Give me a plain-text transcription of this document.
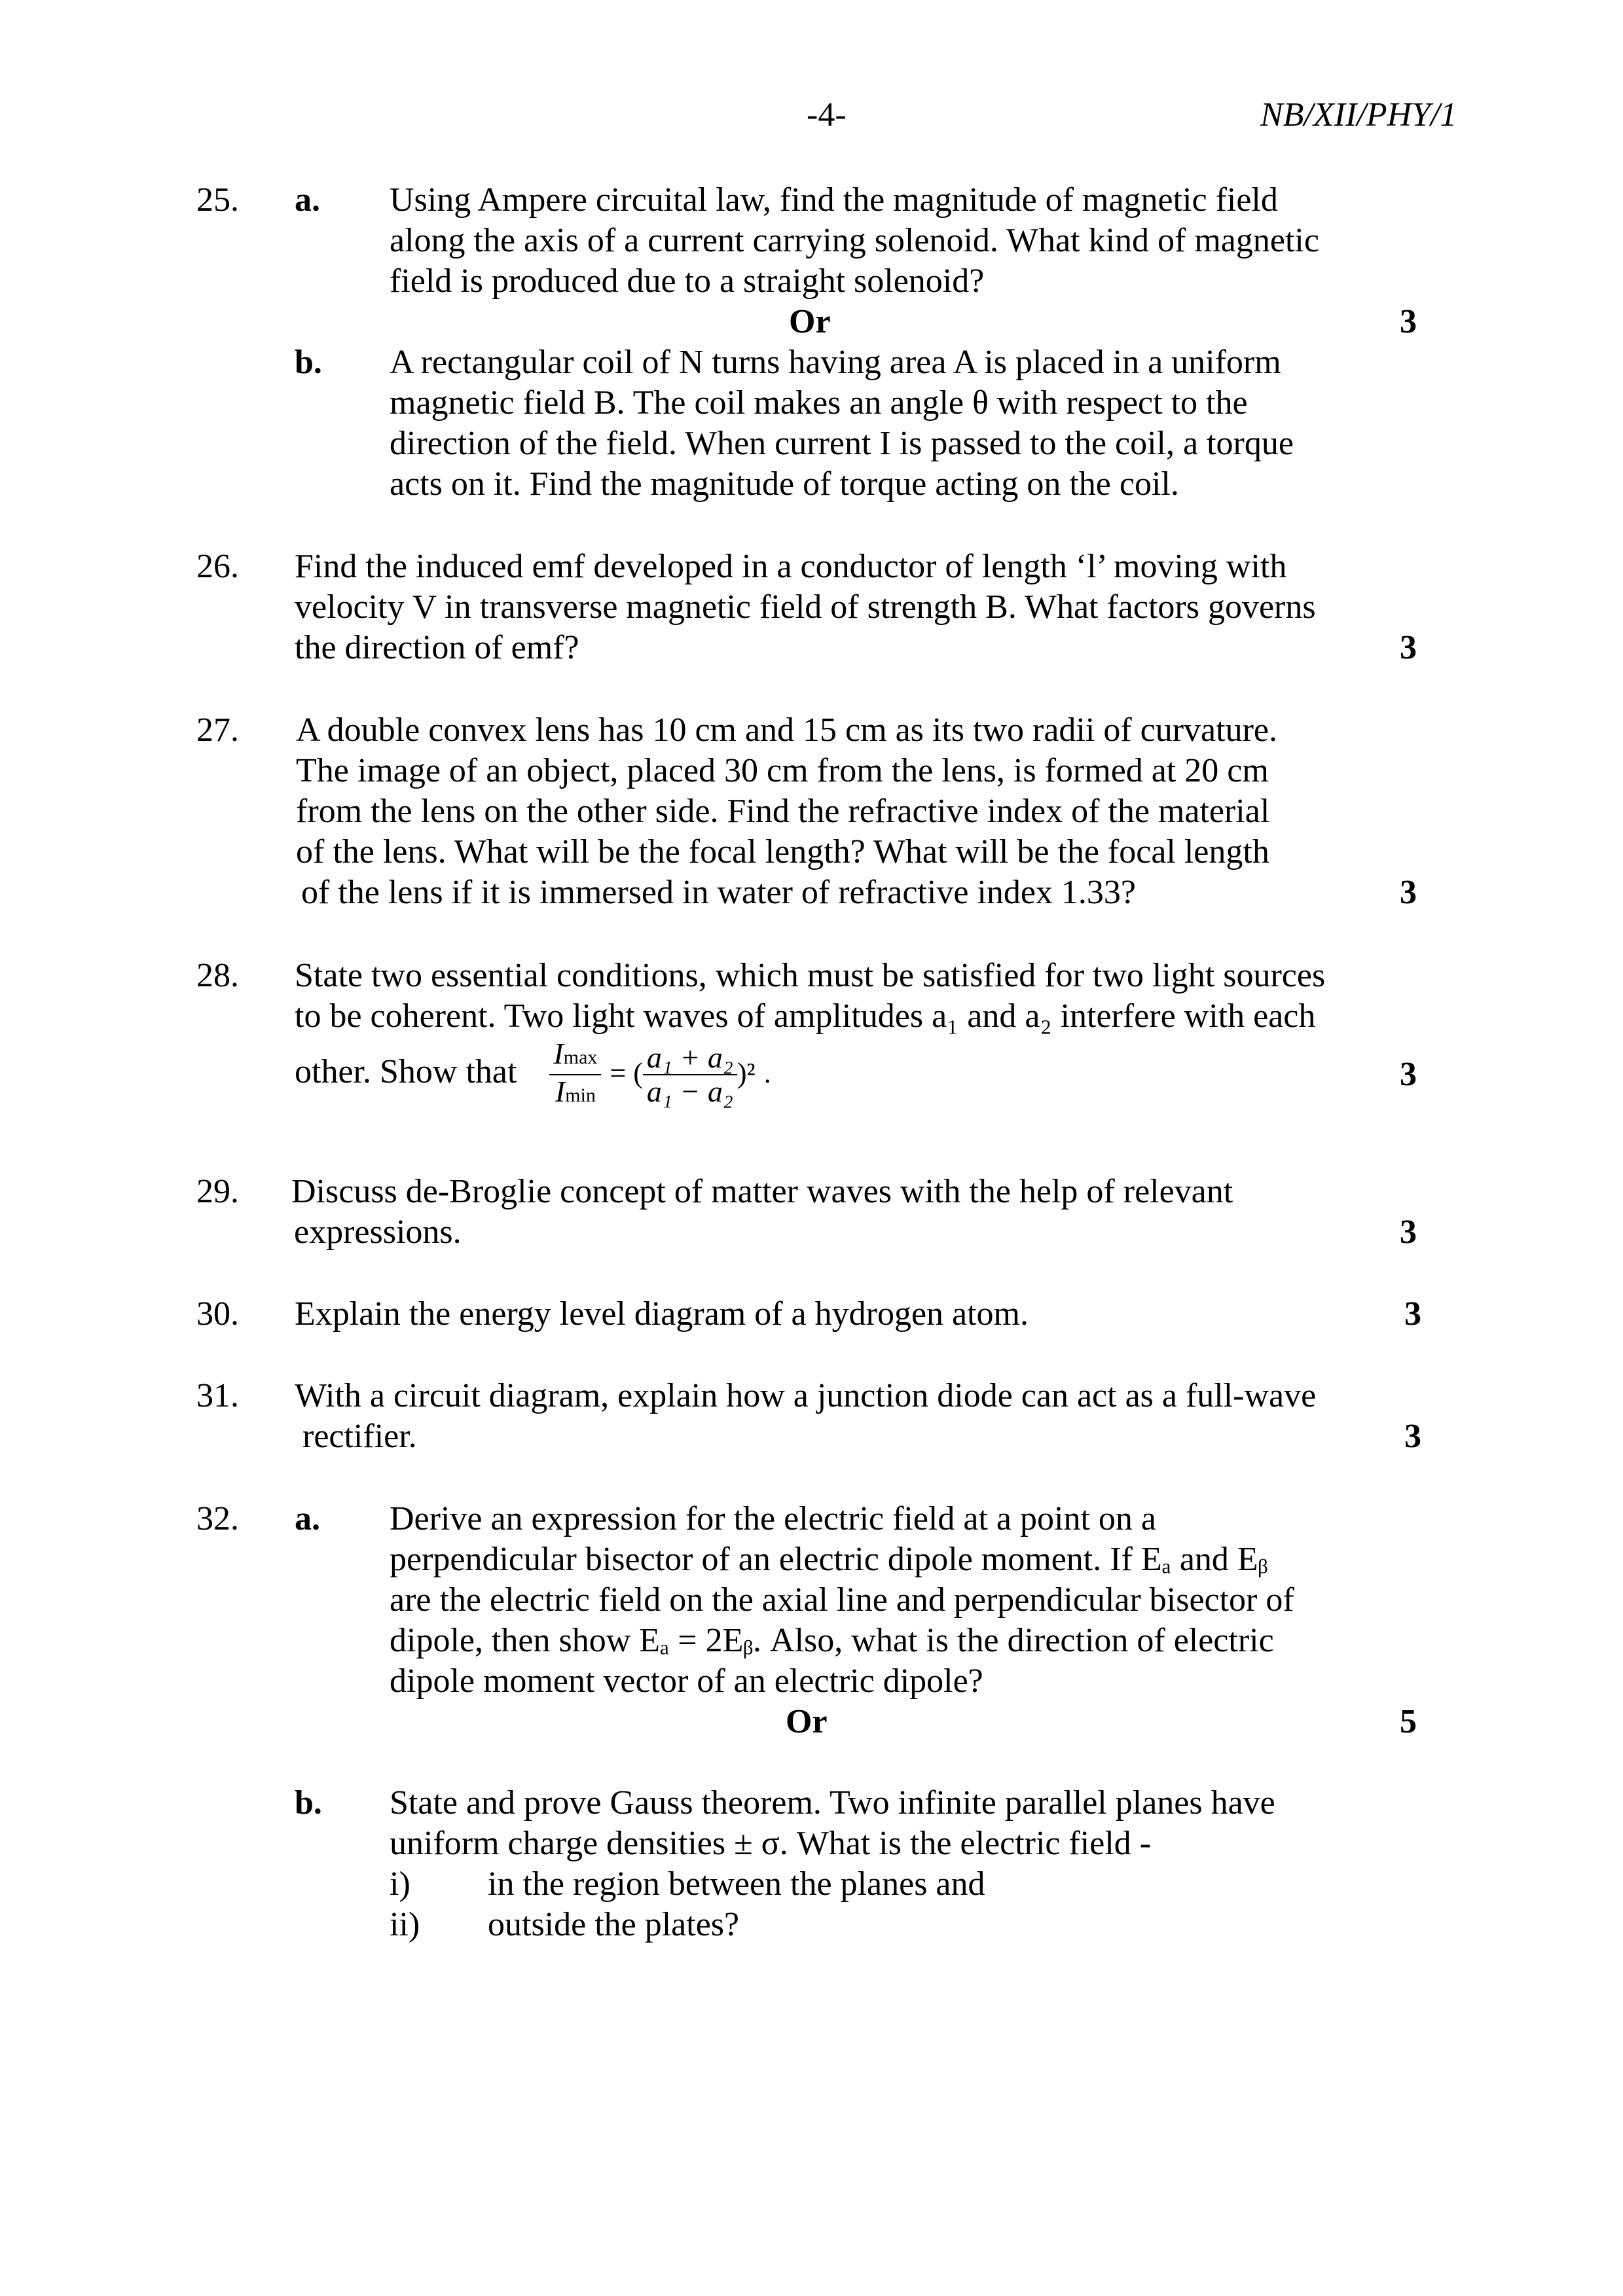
-4-	NB/XII/PHY/1
25. a. Using Ampere circuital law, find the magnitude of magnetic field
along the axis of a current carrying solenoid. What kind of magnetic
field is produced due to a straight solenoid?
Or	3
b. A rectangular coil of N turns having area A is placed in a uniform
magnetic field B. The coil makes an angle θ with respect to the
direction of the field. When current I is passed to the coil, a torque
acts on it. Find the magnitude of torque acting on the coil.
26. Find the induced emf developed in a conductor of length ‘l’ moving with
velocity V in transverse magnetic field of strength B. What factors governs
the direction of emf?	3
27. A double convex lens has 10 cm and 15 cm as its two radii of curvature.
The image of an object, placed 30 cm from the lens, is formed at 20 cm
from the lens on the other side. Find the refractive index of the material
of the lens. What will be the focal length? What will be the focal length
of the lens if it is immersed in water of refractive index 1.33?	3
28. State two essential conditions, which must be satisfied for two light sources
to be coherent. Two light waves of amplitudes a₁ and a₂ interfere with each
other. Show that $\frac{Imax}{Imin}$ = ( $\frac{\text{a₁ + a₂}}{\text{a₁ − a₂}} )^2$ .	3
29. Discuss de-Broglie concept of matter waves with the help of relevant
expressions.	3
30. Explain the energy level diagram of a hydrogen atom.	3
31. With a circuit diagram, explain how a junction diode can act as a full-wave
rectifier.	3
32. a. Derive an expression for the electric field at a point on a
perpendicular bisector of an electric dipole moment. If Eₐ and Eᵦ
are the electric field on the axial line and perpendicular bisector of
dipole, then show Eₐ = 2Eᵦ. Also, what is the direction of electric
dipole moment vector of an electric dipole?
Or	5
b. State and prove Gauss theorem. Two infinite parallel planes have
uniform charge densities ± σ. What is the electric field -
i) in the region between the planes and
ii) outside the plates?
